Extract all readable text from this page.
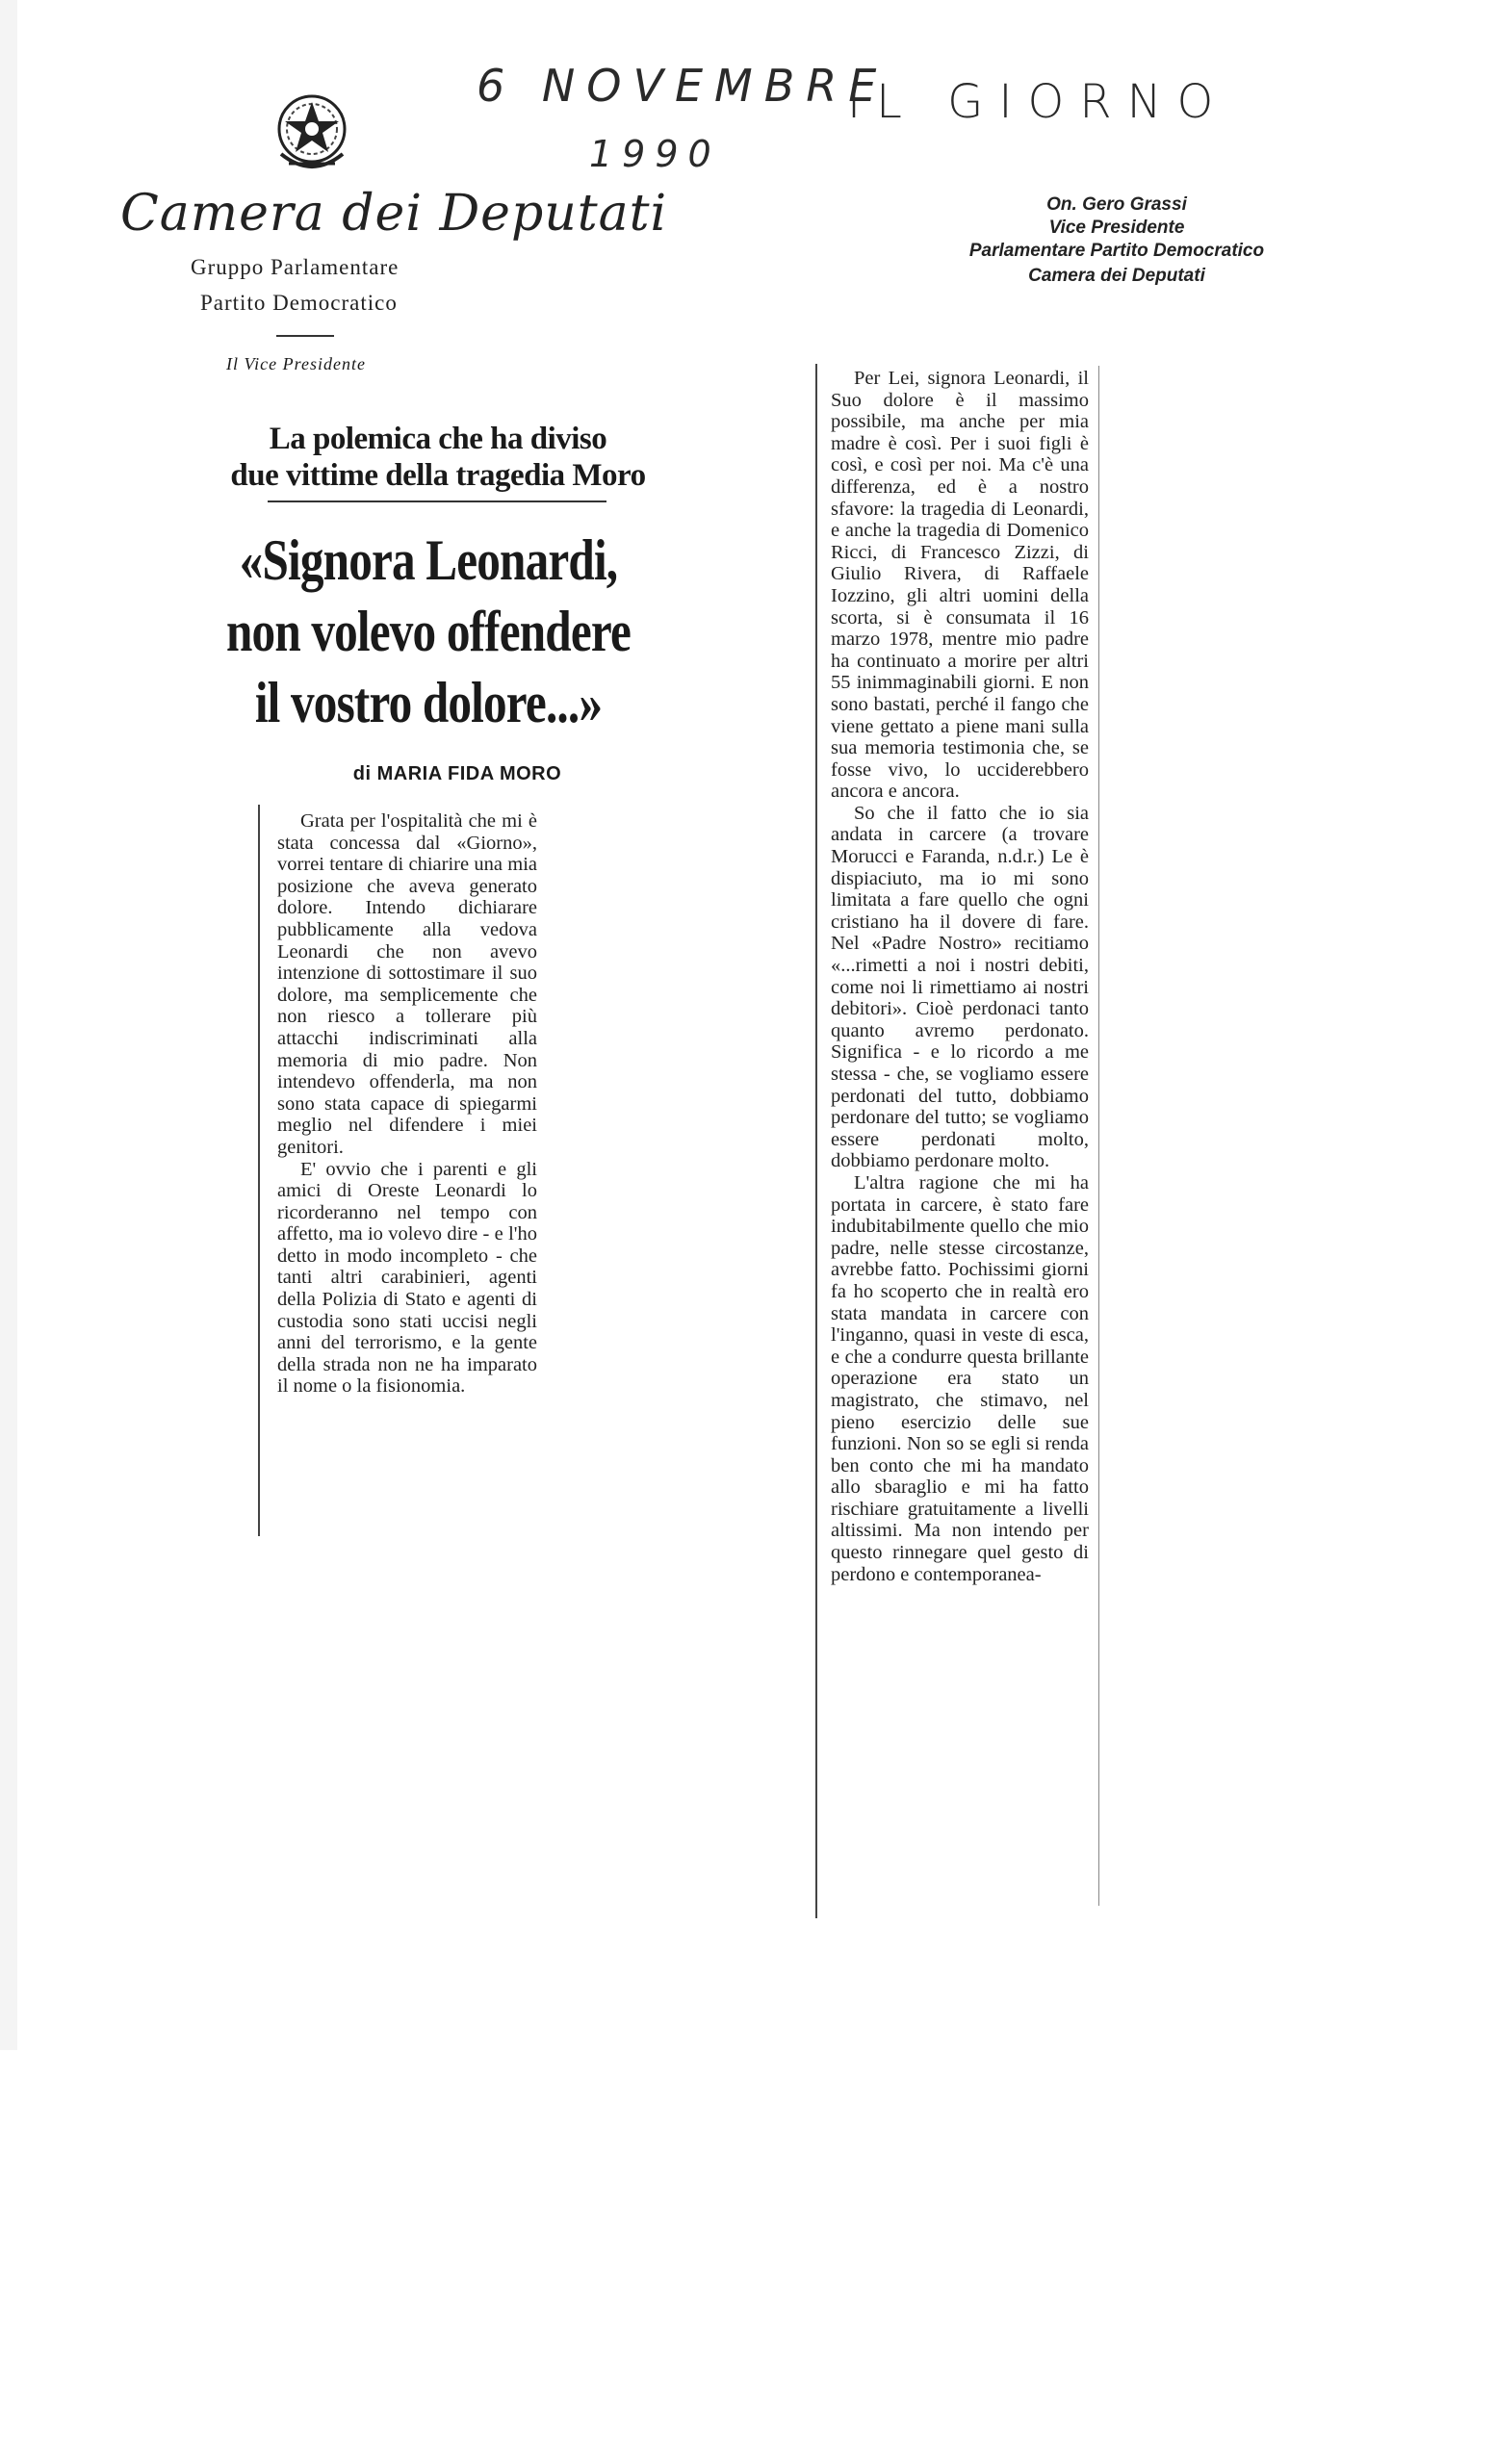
6 NOVEMBRE
1990
IL GIORNO
Camera dei Deputati
Gruppo Parlamentare
Partito Democratico
Il Vice Presidente
On. Gero Grassi
Vice Presidente
Parlamentare Partito Democratico
Camera dei Deputati
La polemica che ha diviso
due vittime della tragedia Moro
«Signora Leonardi,
non volevo offendere
il vostro dolore...»
di MARIA FIDA MORO

Grata per l'ospitalità che mi è stata concessa dal «Giorno», vorrei tentare di chiarire una mia posizione che aveva generato dolore. Intendo dichiarare pubblicamente alla vedova Leonardi che non avevo intenzione di sottostimare il suo dolore, ma semplicemente che non riesco a tollerare più attacchi indiscriminati alla memoria di mio padre. Non intendevo offenderla, ma non sono stata capace di spiegarmi meglio nel difendere i miei genitori.

E' ovvio che i parenti e gli amici di Oreste Leonardi lo ricorderanno nel tempo con affetto, ma io volevo dire - e l'ho detto in modo incompleto - che tanti altri carabinieri, agenti della Polizia di Stato e agenti di custodia sono stati uccisi negli anni del terrorismo, e la gente della strada non ne ha imparato il nome o la fisionomia.

Per Lei, signora Leonardi, il Suo dolore è il massimo possibile, ma anche per mia madre è così. Per i suoi figli è così, e così per noi. Ma c'è una differenza, ed è a nostro sfavore: la tragedia di Leonardi, e anche la tragedia di Domenico Ricci, di Francesco Zizzi, di Giulio Rivera, di Raffaele Iozzino, gli altri uomini della scorta, si è consumata il 16 marzo 1978, mentre mio padre ha continuato a morire per altri 55 inimmaginabili giorni. E non sono bastati, perché il fango che viene gettato a piene mani sulla sua memoria testimonia che, se fosse vivo, lo ucciderebbero ancora e ancora.

So che il fatto che io sia andata in carcere (a trovare Morucci e Faranda, n.d.r.) Le è dispiaciuto, ma io mi sono limitata a fare quello che ogni cristiano ha il dovere di fare. Nel «Padre Nostro» recitiamo «...rimetti a noi i nostri debiti, come noi li rimettiamo ai nostri debitori». Cioè perdonaci tanto quanto avremo perdonato. Significa - e lo ricordo a me stessa - che, se vogliamo essere perdonati del tutto, dobbiamo perdonare del tutto; se vogliamo essere perdonati molto, dobbiamo perdonare molto.

L'altra ragione che mi ha portata in carcere, è stato fare indubitabilmente quello che mio padre, nelle stesse circostanze, avrebbe fatto. Pochissimi giorni fa ho scoperto che in realtà ero stata mandata in carcere con l'inganno, quasi in veste di esca, e che a condurre questa brillante operazione era stato un magistrato, che stimavo, nel pieno esercizio delle sue funzioni. Non so se egli si renda ben conto che mi ha mandato allo sbaraglio e mi ha fatto rischiare gratuitamente a livelli altissimi. Ma non intendo per questo rinnegare quel gesto di perdono e contemporanea-
